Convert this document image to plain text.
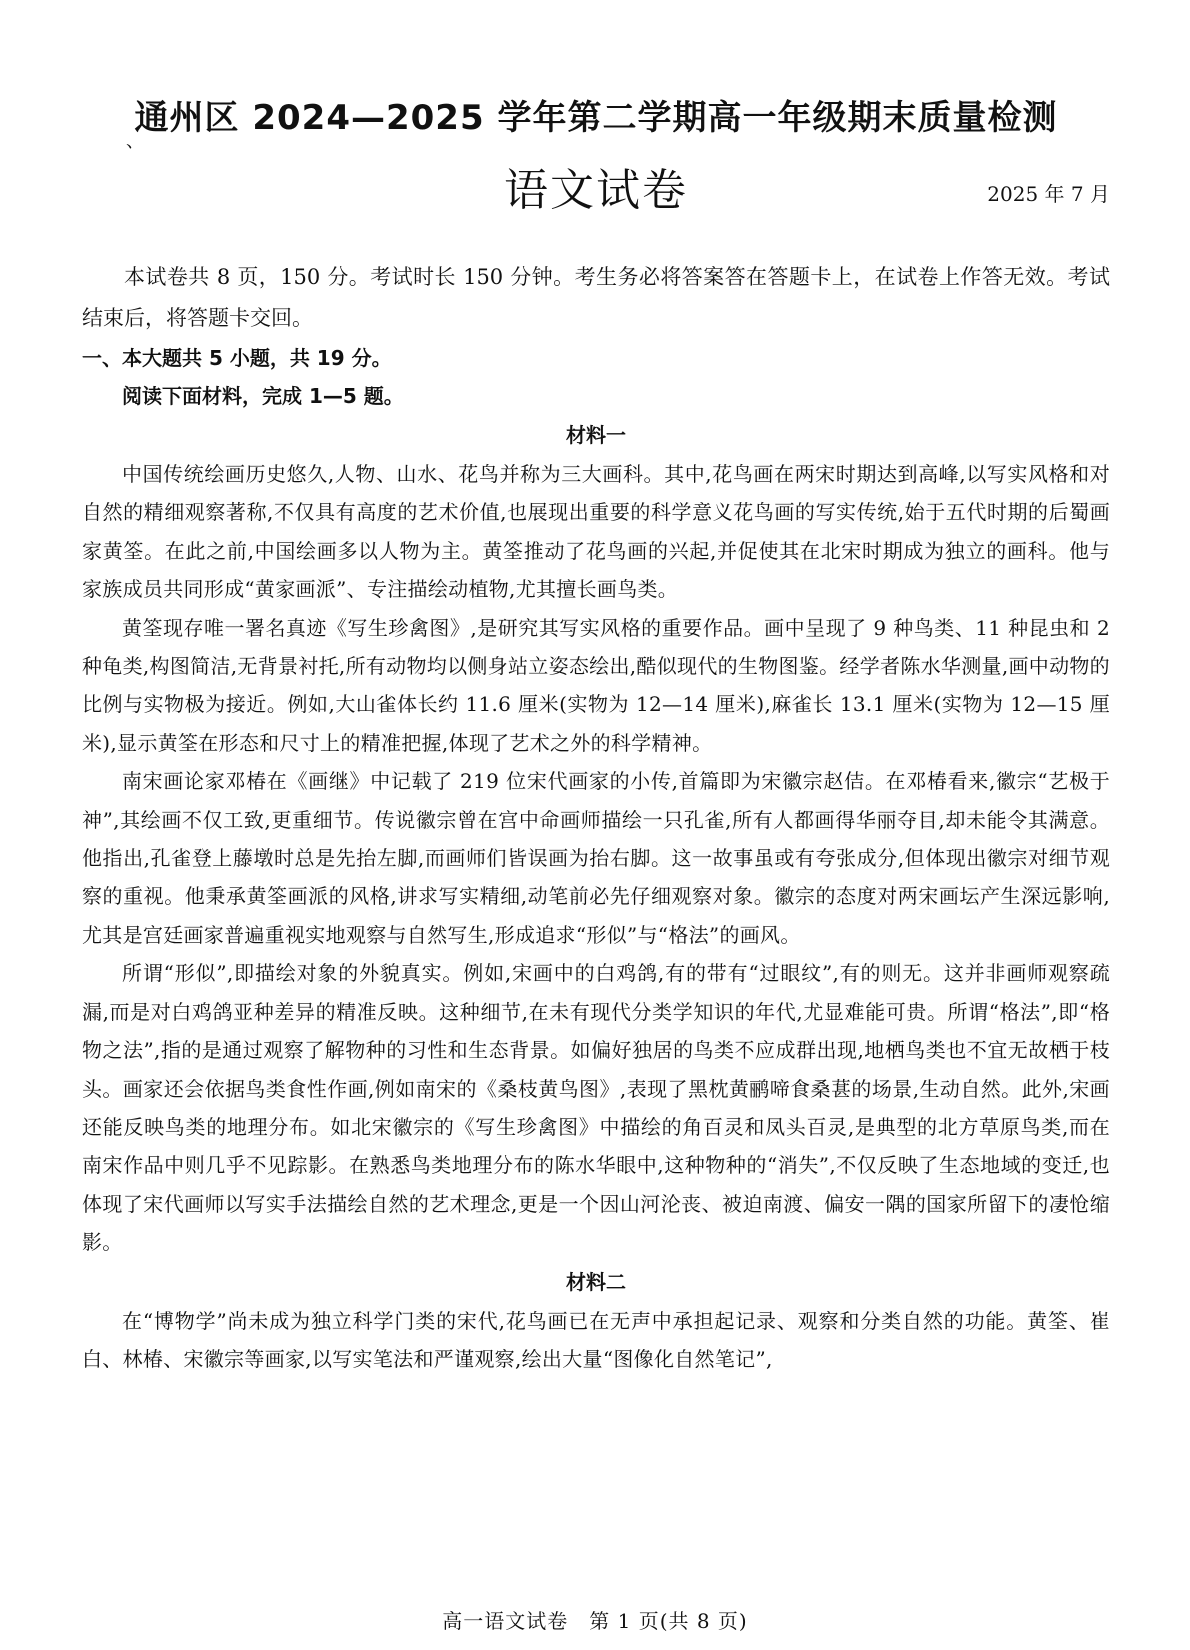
、
通州区 2024—2025 学年第二学期高一年级期末质量检测
语文试卷	2025 年 7 月

本试卷共 8 页，150 分。考试时长 150 分钟。考生务必将答案答在答题卡上，在试卷上作答无效。考试结束后，将答题卡交回。

一、本大题共 5 小题，共 19 分。

阅读下面材料，完成 1—5 题。

材料一

中国传统绘画历史悠久,人物、山水、花鸟并称为三大画科。其中,花鸟画在两宋时期达到高峰,以写实风格和对自然的精细观察著称,不仅具有高度的艺术价值,也展现出重要的科学意义花鸟画的写实传统,始于五代时期的后蜀画家黄筌。在此之前,中国绘画多以人物为主。黄筌推动了花鸟画的兴起,并促使其在北宋时期成为独立的画科。他与家族成员共同形成“黄家画派”、专注描绘动植物,尤其擅长画鸟类。

黄筌现存唯一署名真迹《写生珍禽图》,是研究其写实风格的重要作品。画中呈现了 9 种鸟类、11 种昆虫和 2 种龟类,构图简洁,无背景衬托,所有动物均以侧身站立姿态绘出,酷似现代的生物图鉴。经学者陈水华测量,画中动物的比例与实物极为接近。例如,大山雀体长约 11.6 厘米(实物为 12—14 厘米),麻雀长 13.1 厘米(实物为 12—15 厘米),显示黄筌在形态和尺寸上的精准把握,体现了艺术之外的科学精神。

南宋画论家邓椿在《画继》中记载了 219 位宋代画家的小传,首篇即为宋徽宗赵佶。在邓椿看来,徽宗“艺极于神”,其绘画不仅工致,更重细节。传说徽宗曾在宫中命画师描绘一只孔雀,所有人都画得华丽夺目,却未能令其满意。他指出,孔雀登上藤墩时总是先抬左脚,而画师们皆误画为抬右脚。这一故事虽或有夸张成分,但体现出徽宗对细节观察的重视。他秉承黄筌画派的风格,讲求写实精细,动笔前必先仔细观察对象。徽宗的态度对两宋画坛产生深远影响,尤其是宫廷画家普遍重视实地观察与自然写生,形成追求“形似”与“格法”的画风。

所谓“形似”,即描绘对象的外貌真实。例如,宋画中的白鸡鸽,有的带有“过眼纹”,有的则无。这并非画师观察疏漏,而是对白鸡鸽亚种差异的精准反映。这种细节,在未有现代分类学知识的年代,尤显难能可贵。所谓“格法”,即“格物之法”,指的是通过观察了解物种的习性和生态背景。如偏好独居的鸟类不应成群出现,地栖鸟类也不宜无故栖于枝头。画家还会依据鸟类食性作画,例如南宋的《桑枝黄鸟图》,表现了黑枕黄鹂啼食桑葚的场景,生动自然。此外,宋画还能反映鸟类的地理分布。如北宋徽宗的《写生珍禽图》中描绘的角百灵和凤头百灵,是典型的北方草原鸟类,而在南宋作品中则几乎不见踪影。在熟悉鸟类地理分布的陈水华眼中,这种物种的“消失”,不仅反映了生态地域的变迁,也体现了宋代画师以写实手法描绘自然的艺术理念,更是一个因山河沦丧、被迫南渡、偏安一隅的国家所留下的凄怆缩影。

材料二

在“博物学”尚未成为独立科学门类的宋代,花鸟画已在无声中承担起记录、观察和分类自然的功能。黄筌、崔白、林椿、宋徽宗等画家,以写实笔法和严谨观察,绘出大量“图像化自然笔记”,

高一语文试卷　第 1 页(共 8 页)
